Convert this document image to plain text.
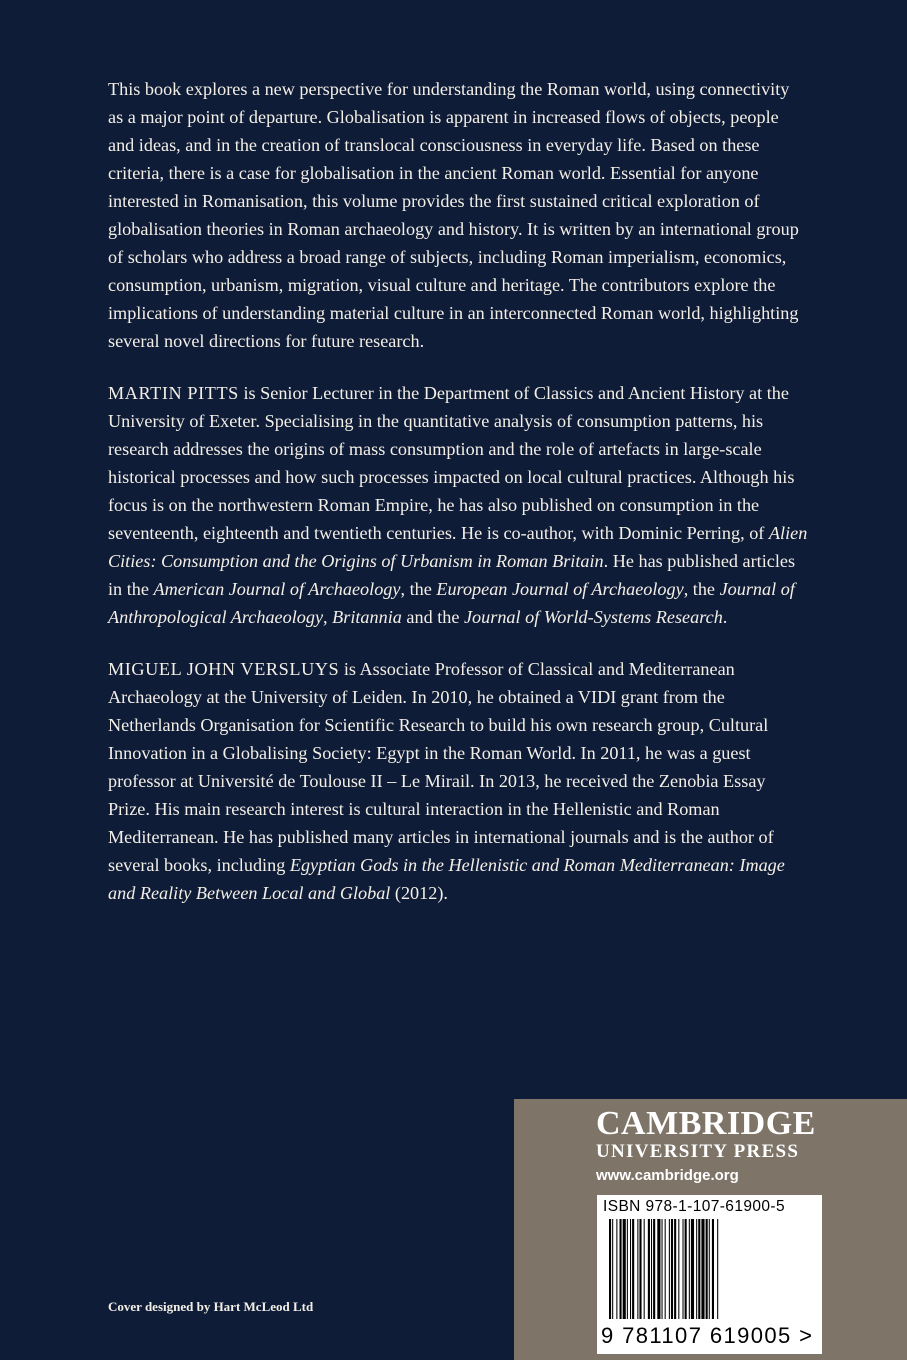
This book explores a new perspective for understanding the Roman world, using connectivity as a major point of departure. Globalisation is apparent in increased flows of objects, people and ideas, and in the creation of translocal consciousness in everyday life. Based on these criteria, there is a case for globalisation in the ancient Roman world. Essential for anyone interested in Romanisation, this volume provides the first sustained critical exploration of globalisation theories in Roman archaeology and history. It is written by an international group of scholars who address a broad range of subjects, including Roman imperialism, economics, consumption, urbanism, migration, visual culture and heritage. The contributors explore the implications of understanding material culture in an interconnected Roman world, highlighting several novel directions for future research.

MARTIN PITTS is Senior Lecturer in the Department of Classics and Ancient History at the University of Exeter. Specialising in the quantitative analysis of consumption patterns, his research addresses the origins of mass consumption and the role of artefacts in large-scale historical processes and how such processes impacted on local cultural practices. Although his focus is on the northwestern Roman Empire, he has also published on consumption in the seventeenth, eighteenth and twentieth centuries. He is co-author, with Dominic Perring, of Alien Cities: Consumption and the Origins of Urbanism in Roman Britain. He has published articles in the American Journal of Archaeology, the European Journal of Archaeology, the Journal of Anthropological Archaeology, Britannia and the Journal of World-Systems Research.

MIGUEL JOHN VERSLUYS is Associate Professor of Classical and Mediterranean Archaeology at the University of Leiden. In 2010, he obtained a VIDI grant from the Netherlands Organisation for Scientific Research to build his own research group, Cultural Innovation in a Globalising Society: Egypt in the Roman World. In 2011, he was a guest professor at Université de Toulouse II – Le Mirail. In 2013, he received the Zenobia Essay Prize. His main research interest is cultural interaction in the Hellenistic and Roman Mediterranean. He has published many articles in international journals and is the author of several books, including Egyptian Gods in the Hellenistic and Roman Mediterranean: Image and Reality Between Local and Global (2012).

Cover designed by Hart McLeod Ltd
CAMBRIDGE
UNIVERSITY PRESS
www.cambridge.org
ISBN 978-1-107-61900-5
9 781107 619005 >
